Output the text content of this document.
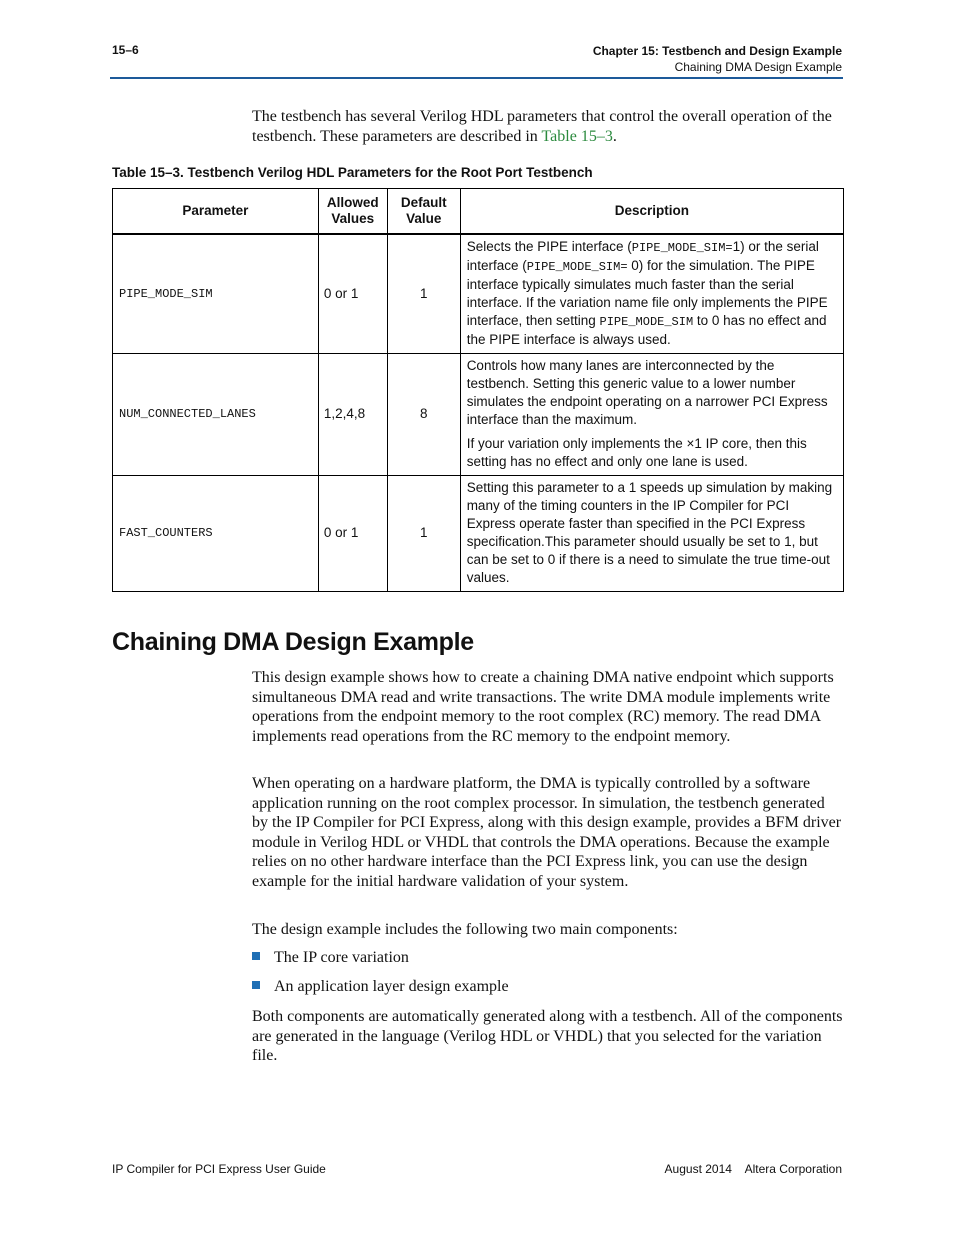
15–6	Chapter 15: Testbench and Design Example
Chaining DMA Design Example
The testbench has several Verilog HDL parameters that control the overall operation of the testbench. These parameters are described in Table 15–3.
Table 15–3. Testbench Verilog HDL Parameters for the Root Port Testbench
Parameter	Allowed Values	Default Value	Description
PIPE_MODE_SIM	0 or 1	1	Selects the PIPE interface (PIPE_MODE_SIM=1) or the serial interface (PIPE_MODE_SIM= 0) for the simulation. The PIPE interface typically simulates much faster than the serial interface. If the variation name file only implements the PIPE interface, then setting PIPE_MODE_SIM to 0 has no effect and the PIPE interface is always used.
NUM_CONNECTED_LANES	1,2,4,8	8	Controls how many lanes are interconnected by the testbench. Setting this generic value to a lower number simulates the endpoint operating on a narrower PCI Express interface than the maximum.

If your variation only implements the ×1 IP core, then this setting has no effect and only one lane is used.

FAST_COUNTERS	0 or 1	1	Setting this parameter to a 1 speeds up simulation by making many of the timing counters in the IP Compiler for PCI Express operate faster than specified in the PCI Express specification.This parameter should usually be set to 1, but can be set to 0 if there is a need to simulate the true time-out values.
Chaining DMA Design Example
This design example shows how to create a chaining DMA native endpoint which supports simultaneous DMA read and write transactions. The write DMA module implements write operations from the endpoint memory to the root complex (RC) memory. The read DMA implements read operations from the RC memory to the endpoint memory.
When operating on a hardware platform, the DMA is typically controlled by a software application running on the root complex processor. In simulation, the testbench generated by the IP Compiler for PCI Express, along with this design example, provides a BFM driver module in Verilog HDL or VHDL that controls the DMA operations. Because the example relies on no other hardware interface than the PCI Express link, you can use the design example for the initial hardware validation of your system.
The design example includes the following two main components:
The IP core variation
An application layer design example
Both components are automatically generated along with a testbench. All of the components are generated in the language (Verilog HDL or VHDL) that you selected for the variation file.
IP Compiler for PCI Express User Guide	August 2014    Altera Corporation
